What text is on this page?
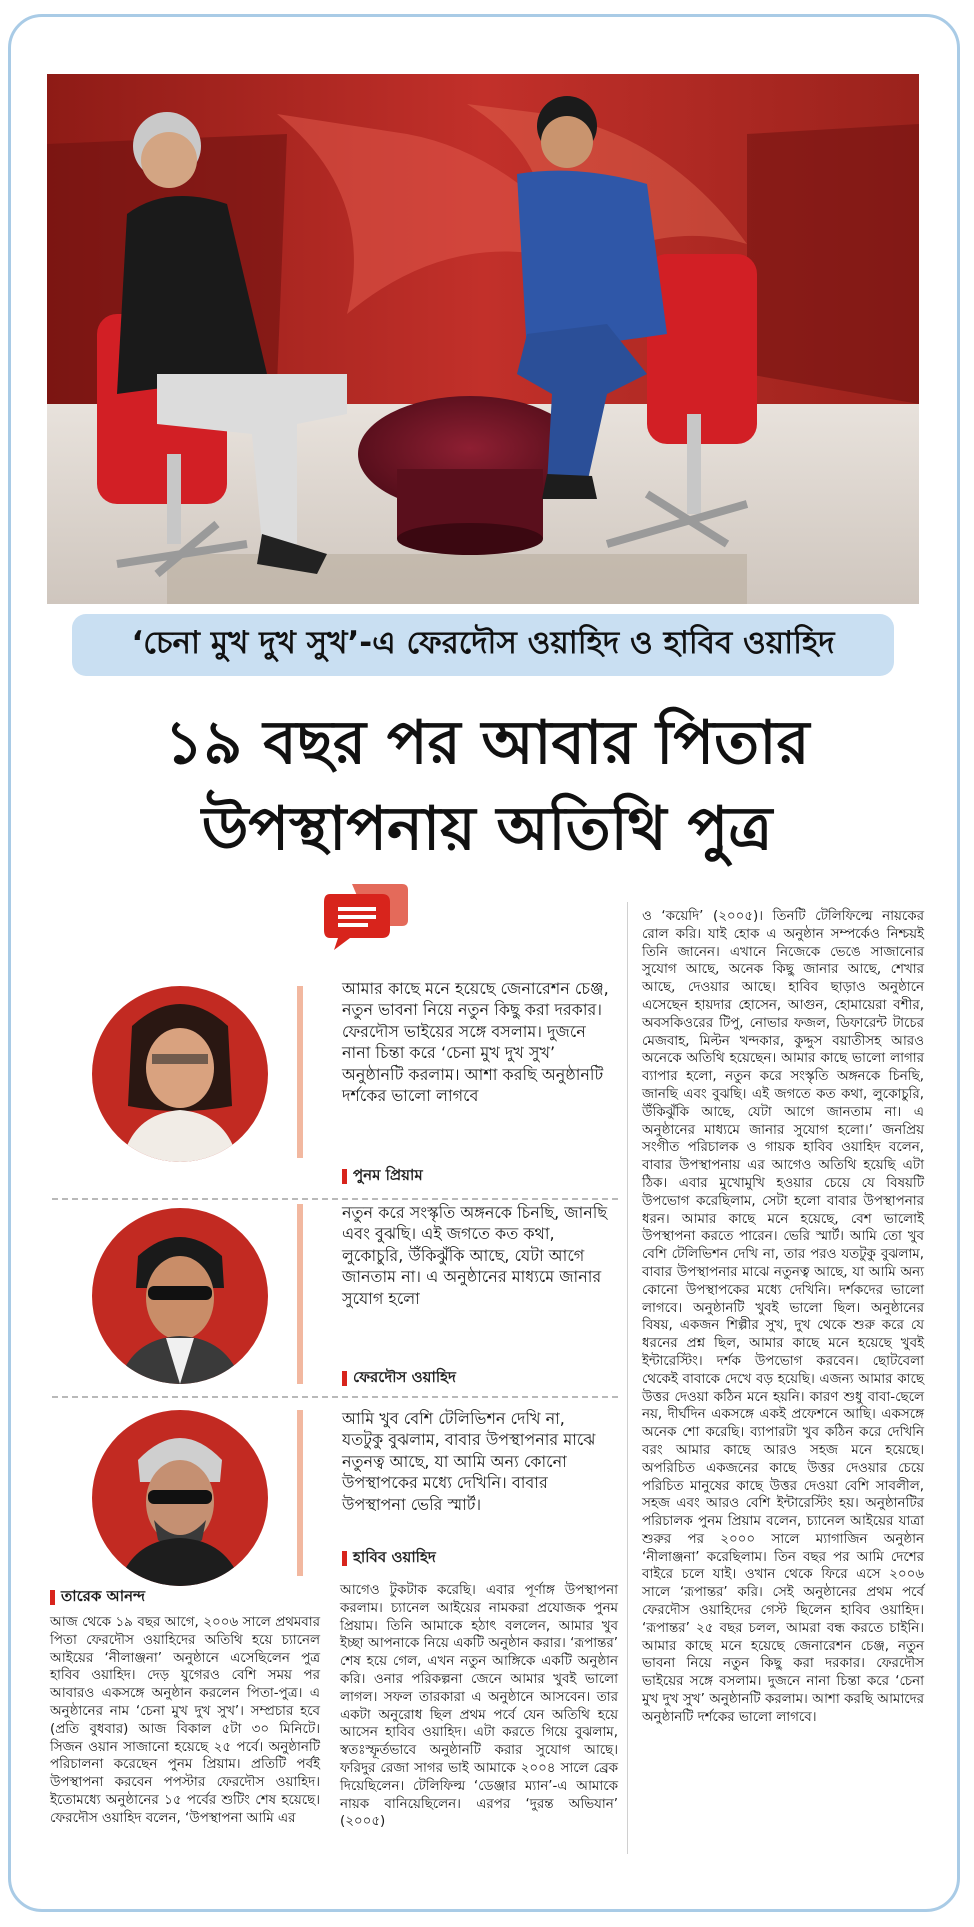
‘চেনা মুখ দুখ সুখ’-এ ফেরদৌস ওয়াহিদ ও হাবিব ওয়াহিদ
১৯ বছর পর আবার পিতার
উপস্থাপনায় অতিথি পুত্র
আমার কাছে মনে হয়েছে জেনারেশন চেঞ্জ, নতুন ভাবনা নিয়ে নতুন কিছু করা দরকার। ফেরদৌস ভাইয়ের সঙ্গে বসলাম। দুজনে নানা চিন্তা করে ‘চেনা মুখ দুখ সুখ’ অনুষ্ঠানটি করলাম। আশা করছি অনুষ্ঠানটি দর্শকের ভালো লাগবে
পুনম প্রিয়াম
নতুন করে সংস্কৃতি অঙ্গনকে চিনছি, জানছি এবং বুঝছি। এই জগতে কত কথা, লুকোচুরি, উঁকিঝুঁকি আছে, যেটা আগে জানতাম না। এ অনুষ্ঠানের মাধ্যমে জানার সুযোগ হলো
ফেরদৌস ওয়াহিদ
আমি খুব বেশি টেলিভিশন দেখি না, যতটুকু বুঝলাম, বাবার উপস্থাপনার মাঝে নতুনত্ব আছে, যা আমি অন্য কোনো উপস্থাপকের মধ্যে দেখিনি। বাবার উপস্থাপনা ভেরি স্মার্ট।
হাবিব ওয়াহিদ
তারেক আনন্দ
আজ থেকে ১৯ বছর আগে, ২০০৬ সালে প্রথমবার পিতা ফেরদৌস ওয়াহিদের অতিথি হয়ে চ্যানেল আইয়ের ‘নীলাঞ্জনা’ অনুষ্ঠানে এসেছিলেন পুত্র হাবিব ওয়াহিদ। দেড় যুগেরও বেশি সময় পর আবারও একসঙ্গে অনুষ্ঠান করলেন পিতা-পুত্র। এ অনুষ্ঠানের নাম ‘চেনা মুখ দুখ সুখ’। সম্প্রচার হবে (প্রতি বুধবার) আজ বিকাল ৫টা ৩০ মিনিটে। সিজন ওয়ান সাজানো হয়েছে ২৫ পর্বে। অনুষ্ঠানটি পরিচালনা করেছেন পুনম প্রিয়াম। প্রতিটি পর্বই উপস্থাপনা করবেন পপস্টার ফেরদৌস ওয়াহিদ। ইতোমধ্যে অনুষ্ঠানের ১৫ পর্বের শুটিং শেষ হয়েছে। ফেরদৌস ওয়াহিদ বলেন, ‘উপস্থাপনা আমি এর
আগেও টুকটাক করেছি। এবার পূর্ণাঙ্গ উপস্থাপনা করলাম। চ্যানেল আইয়ের নামকরা প্রযোজক পুনম প্রিয়াম। তিনি আমাকে হঠাৎ বললেন, আমার খুব ইচ্ছা আপনাকে নিয়ে একটি অনুষ্ঠান করার। ‘রূপান্তর’ শেষ হয়ে গেল, এখন নতুন আঙ্গিকে একটি অনুষ্ঠান করি। ওনার পরিকল্পনা জেনে আমার খুবই ভালো লাগল। সফল তারকারা এ অনুষ্ঠানে আসবেন। তার একটা অনুরোধ ছিল প্রথম পর্বে যেন অতিথি হয়ে আসেন হাবিব ওয়াহিদ। এটা করতে গিয়ে বুঝলাম, স্বতঃস্ফূর্তভাবে অনুষ্ঠানটি করার সুযোগ আছে। ফরিদুর রেজা সাগর ভাই আমাকে ২০০৪ সালে ব্রেক দিয়েছিলেন। টেলিফিল্ম ‘ডেঞ্জার ম্যান’-এ আমাকে নায়ক বানিয়েছিলেন। এরপর ‘দুরন্ত অভিযান’ (২০০৫)
ও ‘কয়েদি’ (২০০৫)। তিনটি টেলিফিল্মে নায়কের রোল করি। যাই হোক এ অনুষ্ঠান সম্পর্কেও নিশ্চয়ই তিনি জানেন। এখানে নিজেকে ভেঙে সাজানোর সুযোগ আছে, অনেক কিছু জানার আছে, শেখার আছে, দেওয়ার আছে। হাবিব ছাড়াও অনুষ্ঠানে এসেছেন হায়দার হোসেন, আগুন, হোমায়েরা বশীর, অবসকিওরের টিপু, নোভার ফজল, ডিফারেন্ট টাচের মেজবাহ, মিল্টন খন্দকার, কুদ্দুস বয়াতীসহ আরও অনেকে অতিথি হয়েছেন। আমার কাছে ভালো লাগার ব্যাপার হলো, নতুন করে সংস্কৃতি অঙ্গনকে চিনছি, জানছি এবং বুঝছি। এই জগতে কত কথা, লুকোচুরি, উঁকিঝুঁকি আছে, যেটা আগে জানতাম না। এ অনুষ্ঠানের মাধ্যমে জানার সুযোগ হলো।’ জনপ্রিয় সংগীত পরিচালক ও গায়ক হাবিব ওয়াহিদ বলেন, বাবার উপস্থাপনায় এর আগেও অতিথি হয়েছি এটা ঠিক। এবার মুখোমুখি হওয়ার চেয়ে যে বিষয়টি উপভোগ করেছিলাম, সেটা হলো বাবার উপস্থাপনার ধরন। আমার কাছে মনে হয়েছে, বেশ ভালোই উপস্থাপনা করতে পারেন। ভেরি স্মার্ট। আমি তো খুব বেশি টেলিভিশন দেখি না, তার পরও যতটুকু বুঝলাম, বাবার উপস্থাপনার মাঝে নতুনত্ব আছে, যা আমি অন্য কোনো উপস্থাপকের মধ্যে দেখিনি। দর্শকদের ভালো লাগবে। অনুষ্ঠানটি খুবই ভালো ছিল। অনুষ্ঠানের বিষয়, একজন শিল্পীর সুখ, দুখ থেকে শুরু করে যে ধরনের প্রশ্ন ছিল, আমার কাছে মনে হয়েছে খুবই ইন্টারেস্টিং। দর্শক উপভোগ করবেন। ছোটবেলা থেকেই বাবাকে দেখে বড় হয়েছি। এজন্য আমার কাছে উত্তর দেওয়া কঠিন মনে হয়নি। কারণ শুধু বাবা-ছেলে নয়, দীর্ঘদিন একসঙ্গে একই প্রফেশনে আছি। একসঙ্গে অনেক শো করেছি। ব্যাপারটা খুব কঠিন করে দেখিনি বরং আমার কাছে আরও সহজ মনে হয়েছে। অপরিচিত একজনের কাছে উত্তর দেওয়ার চেয়ে পরিচিত মানুষের কাছে উত্তর দেওয়া বেশি সাবলীল, সহজ এবং আরও বেশি ইন্টারেস্টিং হয়। অনুষ্ঠানটির পরিচালক পুনম প্রিয়াম বলেন, চ্যানেল আইয়ের যাত্রা শুরুর পর ২০০০ সালে ম্যাগাজিন অনুষ্ঠান ‘নীলাঞ্জনা’ করেছিলাম। তিন বছর পর আমি দেশের বাইরে চলে যাই। ওখান থেকে ফিরে এসে ২০০৬ সালে ‘রূপান্তর’ করি। সেই অনুষ্ঠানের প্রথম পর্বে ফেরদৌস ওয়াহিদের গেস্ট ছিলেন হাবিব ওয়াহিদ। ‘রূপান্তর’ ২৫ বছর চলল, আমরা বন্ধ করতে চাইনি। আমার কাছে মনে হয়েছে জেনারেশন চেঞ্জ, নতুন ভাবনা নিয়ে নতুন কিছু করা দরকার। ফেরদৌস ভাইয়ের সঙ্গে বসলাম। দুজনে নানা চিন্তা করে ‘চেনা মুখ দুখ সুখ’ অনুষ্ঠানটি করলাম। আশা করছি আমাদের অনুষ্ঠানটি দর্শকের ভালো লাগবে।
